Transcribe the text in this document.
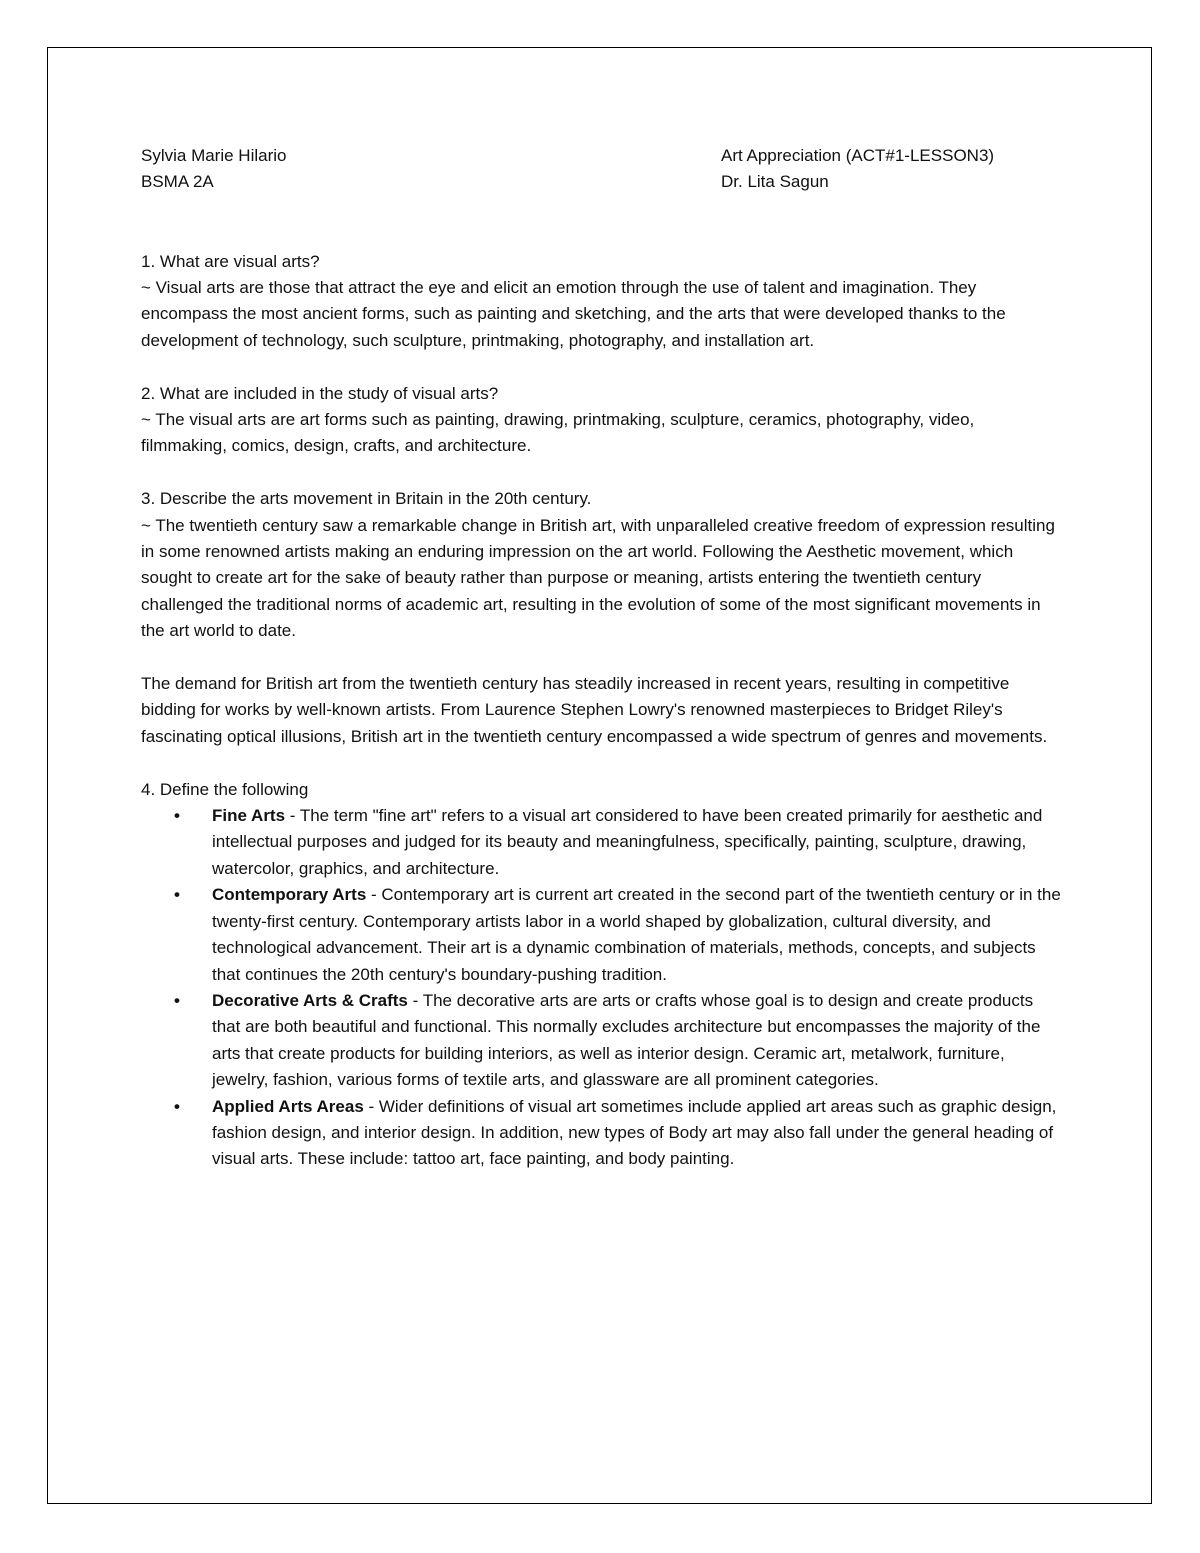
Sylvia Marie Hilario
BSMA 2A
Art Appreciation (ACT#1-LESSON3)
Dr. Lita Sagun

1. What are visual arts?

~ Visual arts are those that attract the eye and elicit an emotion through the use of talent and imagination. They encompass the most ancient forms, such as painting and sketching, and the arts that were developed thanks to the development of technology, such sculpture, printmaking, photography, and installation art.

2. What are included in the study of visual arts?

~ The visual arts are art forms such as painting, drawing, printmaking, sculpture, ceramics, photography, video, filmmaking, comics, design, crafts, and architecture.

3. Describe the arts movement in Britain in the 20th century.

~ The twentieth century saw a remarkable change in British art, with unparalleled creative freedom of expression resulting in some renowned artists making an enduring impression on the art world. Following the Aesthetic movement, which sought to create art for the sake of beauty rather than purpose or meaning, artists entering the twentieth century challenged the traditional norms of academic art, resulting in the evolution of some of the most significant movements in the art world to date.

The demand for British art from the twentieth century has steadily increased in recent years, resulting in competitive bidding for works by well-known artists. From Laurence Stephen Lowry's renowned masterpieces to Bridget Riley's fascinating optical illusions, British art in the twentieth century encompassed a wide spectrum of genres and movements.

4. Define the following

• Fine Arts - The term "fine art" refers to a visual art considered to have been created primarily for aesthetic and intellectual purposes and judged for its beauty and meaningfulness, specifically, painting, sculpture, drawing, watercolor, graphics, and architecture.
• Contemporary Arts - Contemporary art is current art created in the second part of the twentieth century or in the twenty-first century. Contemporary artists labor in a world shaped by globalization, cultural diversity, and technological advancement. Their art is a dynamic combination of materials, methods, concepts, and subjects that continues the 20th century's boundary-pushing tradition.
• Decorative Arts & Crafts - The decorative arts are arts or crafts whose goal is to design and create products that are both beautiful and functional. This normally excludes architecture but encompasses the majority of the arts that create products for building interiors, as well as interior design. Ceramic art, metalwork, furniture, jewelry, fashion, various forms of textile arts, and glassware are all prominent categories.
• Applied Arts Areas - Wider definitions of visual art sometimes include applied art areas such as graphic design, fashion design, and interior design. In addition, new types of Body art may also fall under the general heading of visual arts. These include: tattoo art, face painting, and body painting.
